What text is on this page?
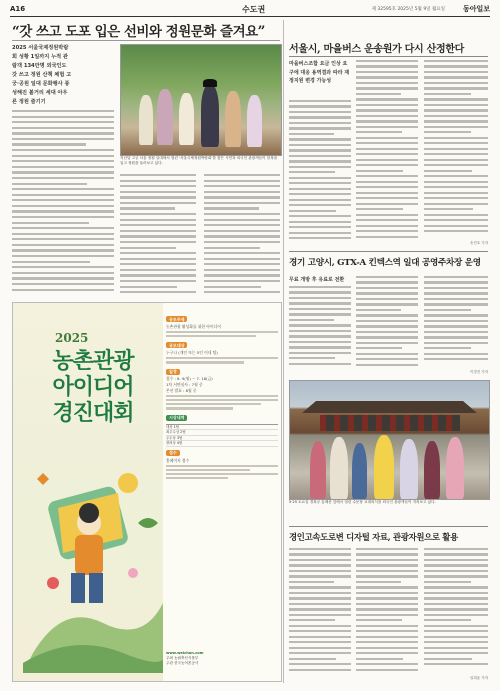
A16	수도권	제 32595호 2025년 5월 9일 월요일	동아일보
“갓 쓰고 도포 입은 선비와 정원문화 즐겨요”
2025 서울국제정원박람회 성황 1일까지 누적 관람객 134만명 외국인도 갓 쓰고 정원 산책 체험 고궁·공원 일대 문화행사 풍성해진 볼거리 세대 아우른 정원 즐기기
지난달 고궁 서울 정원 일대에서 열린 ‘서울국제정원박람회’를 찾은 시민과 외국인 관광객들이 한복을 입고 정원을 둘러보고 있다.
2025
농촌관광
아이디어
경진대회
공모주제
농촌관광 활성화를 위한 아이디어
공모대상
누구나 (개인 또는 5인 이내 팀)
일정
접수 : 6. 9(월) ~ 7. 18(금)
1차 서면심사 : 7월 중
본선 발표 : 8월 중
시상내역
대상 1팀
최우수상 2팀
우수상 3팀
장려상 4팀
접수
홈페이지 접수
www.welchon.com
주최 농림축산식품부
주관 한국농어촌공사
서울시, 마을버스 운송원가 다시 산정한다
마을버스조합 요금 인상 요구에 대응 용역결과 따라 재정지원 변경 가능성
송진호 기자
경기 고양시, GTX-A 킨텍스역 일대 공영주차장 운영
무료 개방 후 유료로 전환
이경진 기자
5·25 토요일 경복궁 흥례문 앞에서 열린 수문장 교대의식을 외국인 관광객들이 지켜보고 있다.
경인고속도로변 디자털 자료, 관광자원으로 활용
임희윤 기자
